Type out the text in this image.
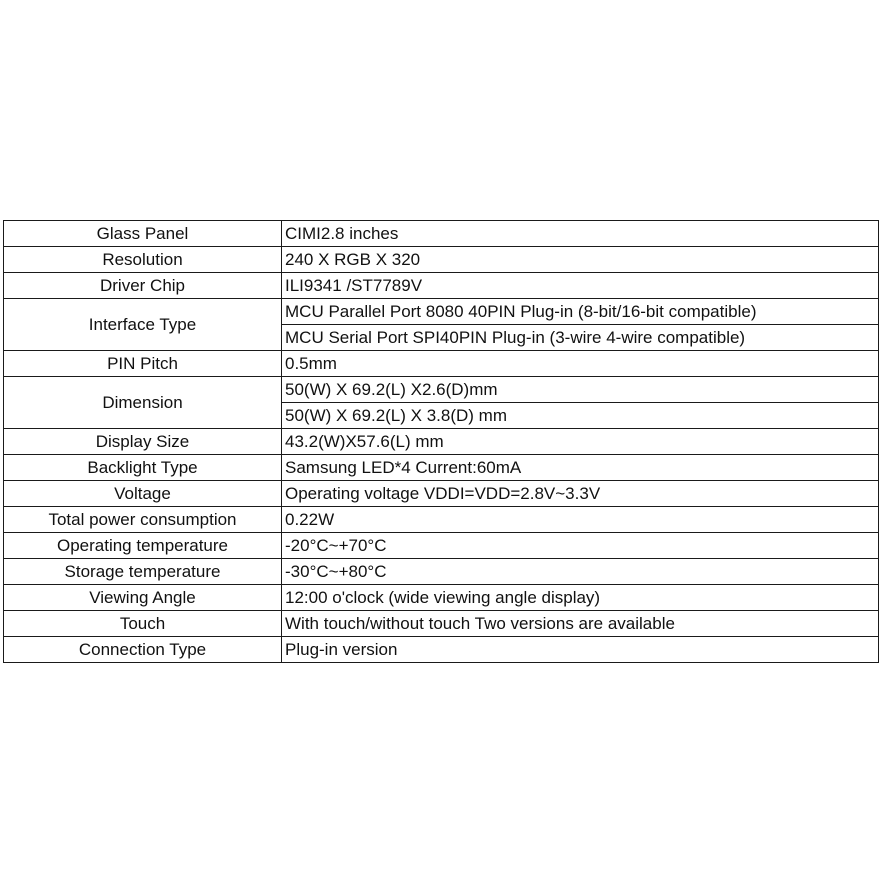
Glass Panel	CIMI2.8 inches
Resolution	240 X RGB X 320
Driver Chip	ILI9341 /ST7789V
Interface Type	MCU Parallel Port 8080 40PIN Plug-in (8-bit/16-bit compatible)
	MCU Serial Port SPI40PIN Plug-in (3-wire 4-wire compatible)
PIN Pitch	0.5mm
Dimension	50(W) X 69.2(L) X2.6(D)mm
	50(W) X 69.2(L) X 3.8(D) mm
Display Size	43.2(W)X57.6(L) mm
Backlight Type	Samsung LED*4 Current:60mA
Voltage	Operating voltage VDDI=VDD=2.8V~3.3V
Total power consumption	0.22W
Operating temperature	-20°C~+70°C
Storage temperature	-30°C~+80°C
Viewing Angle	12:00 o'clock (wide viewing angle display)
Touch	With touch/without touch Two versions are available
Connection Type	Plug-in version
